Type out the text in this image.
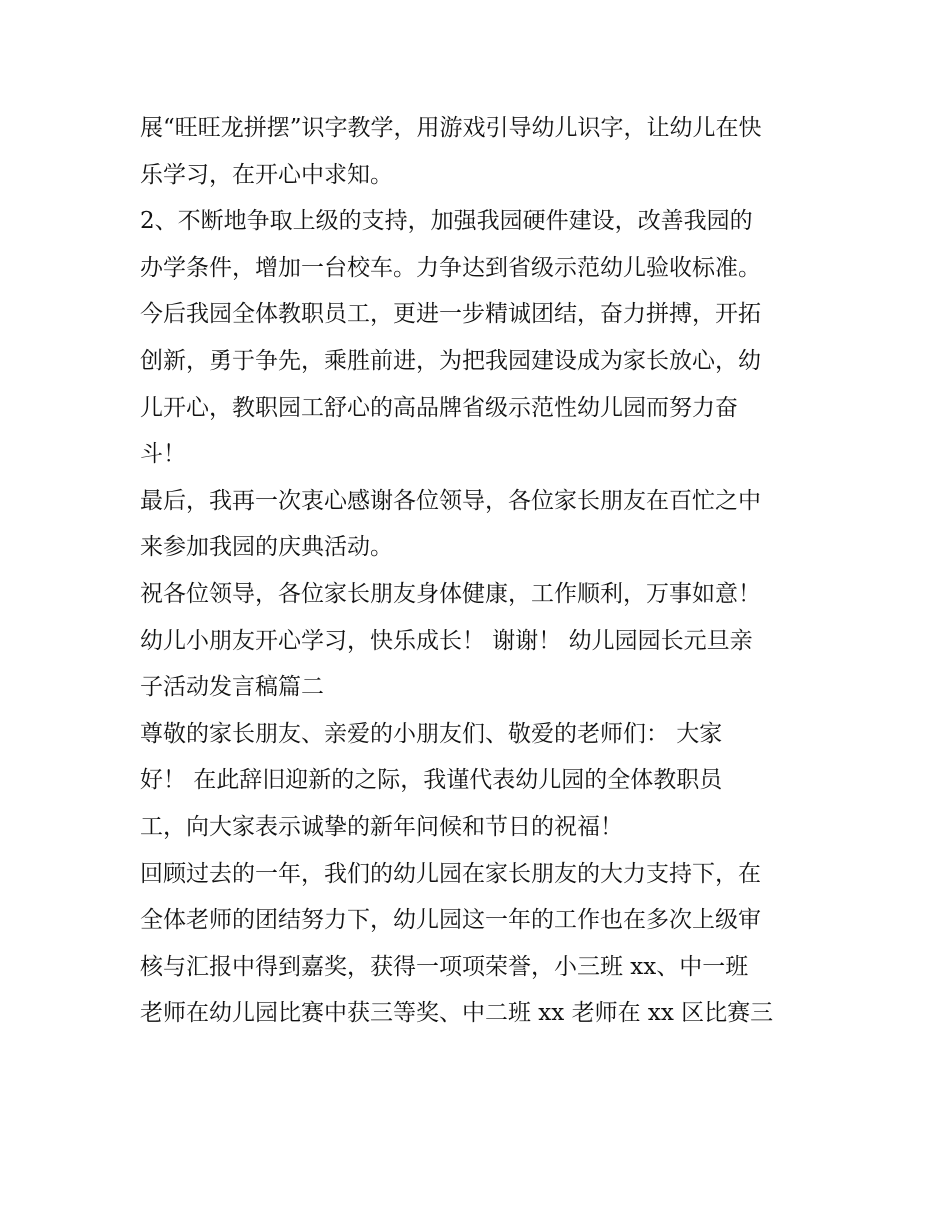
展“旺旺龙拼摆”识字教学，用游戏引导幼儿识字，让幼儿在快
乐学习，在开心中求知。
2、不断地争取上级的支持，加强我园硬件建设，改善我园的
办学条件，增加一台校车。力争达到省级示范幼儿验收标准。
今后我园全体教职员工，更进一步精诚团结，奋力拼搏，开拓
创新，勇于争先，乘胜前进，为把我园建设成为家长放心，幼
儿开心，教职园工舒心的高品牌省级示范性幼儿园而努力奋
斗！
最后，我再一次衷心感谢各位领导，各位家长朋友在百忙之中
来参加我园的庆典活动。
祝各位领导，各位家长朋友身体健康，工作顺利，万事如意！
幼儿小朋友开心学习，快乐成长！ 谢谢！ 幼儿园园长元旦亲
子活动发言稿篇二
尊敬的家长朋友、亲爱的小朋友们、敬爱的老师们： 大家
好！ 在此辞旧迎新的之际，我谨代表幼儿园的全体教职员
工，向大家表示诚挚的新年问候和节日的祝福！
回顾过去的一年，我们的幼儿园在家长朋友的大力支持下，在
全体老师的团结努力下，幼儿园这一年的工作也在多次上级审
核与汇报中得到嘉奖，获得一项项荣誉，小三班 xx、中一班
老师在幼儿园比赛中获三等奖、中二班 xx 老师在 xx 区比赛三
